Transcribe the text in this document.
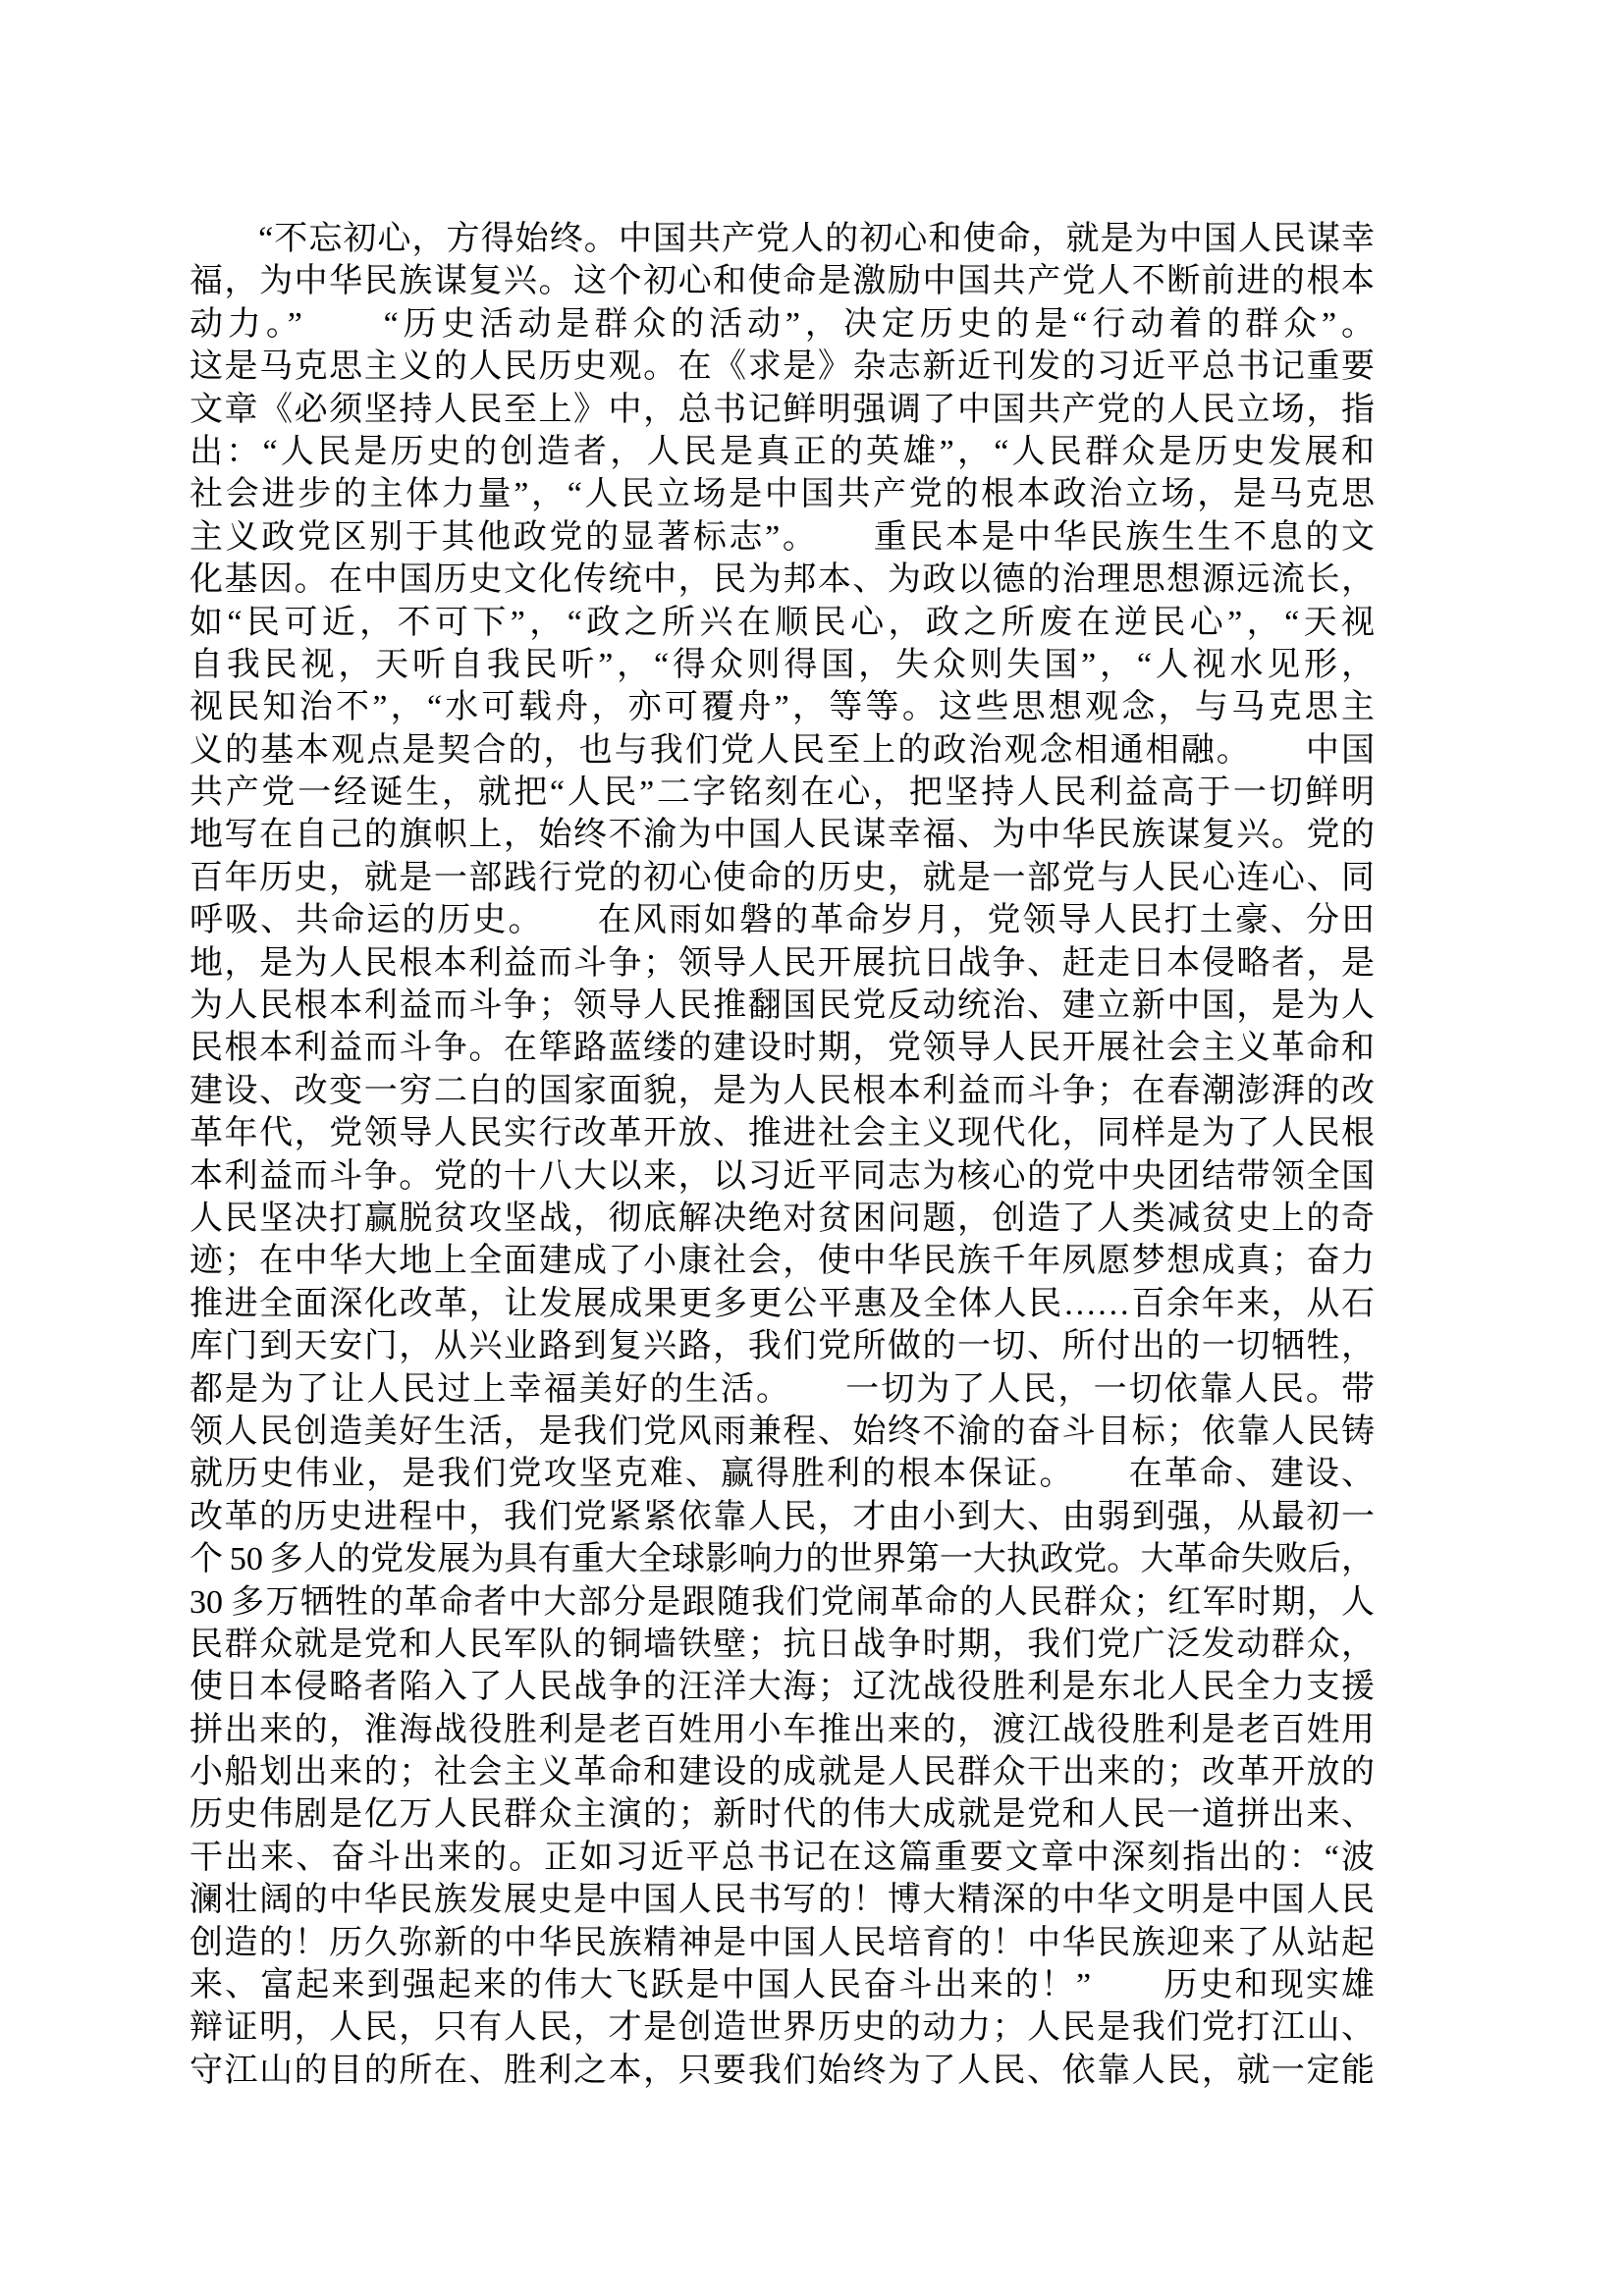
　　“不忘初心，方得始终。中国共产党人的初心和使命，就是为中国人民谋幸
福，为中华民族谋复兴。这个初心和使命是激励中国共产党人不断前进的根本
动力。”　　“历史活动是群众的活动”，决定历史的是“行动着的群众”。
这是马克思主义的人民历史观。在《求是》杂志新近刊发的习近平总书记重要
文章《必须坚持人民至上》中，总书记鲜明强调了中国共产党的人民立场，指
出：“人民是历史的创造者，人民是真正的英雄”，“人民群众是历史发展和
社会进步的主体力量”，“人民立场是中国共产党的根本政治立场，是马克思
主义政党区别于其他政党的显著标志”。　　重民本是中华民族生生不息的文
化基因。在中国历史文化传统中，民为邦本、为政以德的治理思想源远流长，
如“民可近，不可下”，“政之所兴在顺民心，政之所废在逆民心”，“天视
自我民视，天听自我民听”，“得众则得国，失众则失国”，“人视水见形，
视民知治不”，“水可载舟，亦可覆舟”，等等。这些思想观念，与马克思主
义的基本观点是契合的，也与我们党人民至上的政治观念相通相融。　　中国
共产党一经诞生，就把“人民”二字铭刻在心，把坚持人民利益高于一切鲜明
地写在自己的旗帜上，始终不渝为中国人民谋幸福、为中华民族谋复兴。党的
百年历史，就是一部践行党的初心使命的历史，就是一部党与人民心连心、同
呼吸、共命运的历史。　　在风雨如磐的革命岁月，党领导人民打土豪、分田
地，是为人民根本利益而斗争；领导人民开展抗日战争、赶走日本侵略者，是
为人民根本利益而斗争；领导人民推翻国民党反动统治、建立新中国，是为人
民根本利益而斗争。在筚路蓝缕的建设时期，党领导人民开展社会主义革命和
建设、改变一穷二白的国家面貌，是为人民根本利益而斗争；在春潮澎湃的改
革年代，党领导人民实行改革开放、推进社会主义现代化，同样是为了人民根
本利益而斗争。党的十八大以来，以习近平同志为核心的党中央团结带领全国
人民坚决打赢脱贫攻坚战，彻底解决绝对贫困问题，创造了人类减贫史上的奇
迹；在中华大地上全面建成了小康社会，使中华民族千年夙愿梦想成真；奋力
推进全面深化改革，让发展成果更多更公平惠及全体人民……百余年来，从石
库门到天安门，从兴业路到复兴路，我们党所做的一切、所付出的一切牺牲，
都是为了让人民过上幸福美好的生活。　　一切为了人民，一切依靠人民。带
领人民创造美好生活，是我们党风雨兼程、始终不渝的奋斗目标；依靠人民铸
就历史伟业，是我们党攻坚克难、赢得胜利的根本保证。　　在革命、建设、
改革的历史进程中，我们党紧紧依靠人民，才由小到大、由弱到强，从最初一
个 50 多人的党发展为具有重大全球影响力的世界第一大执政党。大革命失败后，
30 多万牺牲的革命者中大部分是跟随我们党闹革命的人民群众；红军时期，人
民群众就是党和人民军队的铜墙铁壁；抗日战争时期，我们党广泛发动群众，
使日本侵略者陷入了人民战争的汪洋大海；辽沈战役胜利是东北人民全力支援
拼出来的，淮海战役胜利是老百姓用小车推出来的，渡江战役胜利是老百姓用
小船划出来的；社会主义革命和建设的成就是人民群众干出来的；改革开放的
历史伟剧是亿万人民群众主演的；新时代的伟大成就是党和人民一道拼出来、
干出来、奋斗出来的。正如习近平总书记在这篇重要文章中深刻指出的：“波
澜壮阔的中华民族发展史是中国人民书写的！博大精深的中华文明是中国人民
创造的！历久弥新的中华民族精神是中国人民培育的！中华民族迎来了从站起
来、富起来到强起来的伟大飞跃是中国人民奋斗出来的！”　　历史和现实雄
辩证明，人民，只有人民，才是创造世界历史的动力；人民是我们党打江山、
守江山的目的所在、胜利之本，只要我们始终为了人民、依靠人民，就一定能
